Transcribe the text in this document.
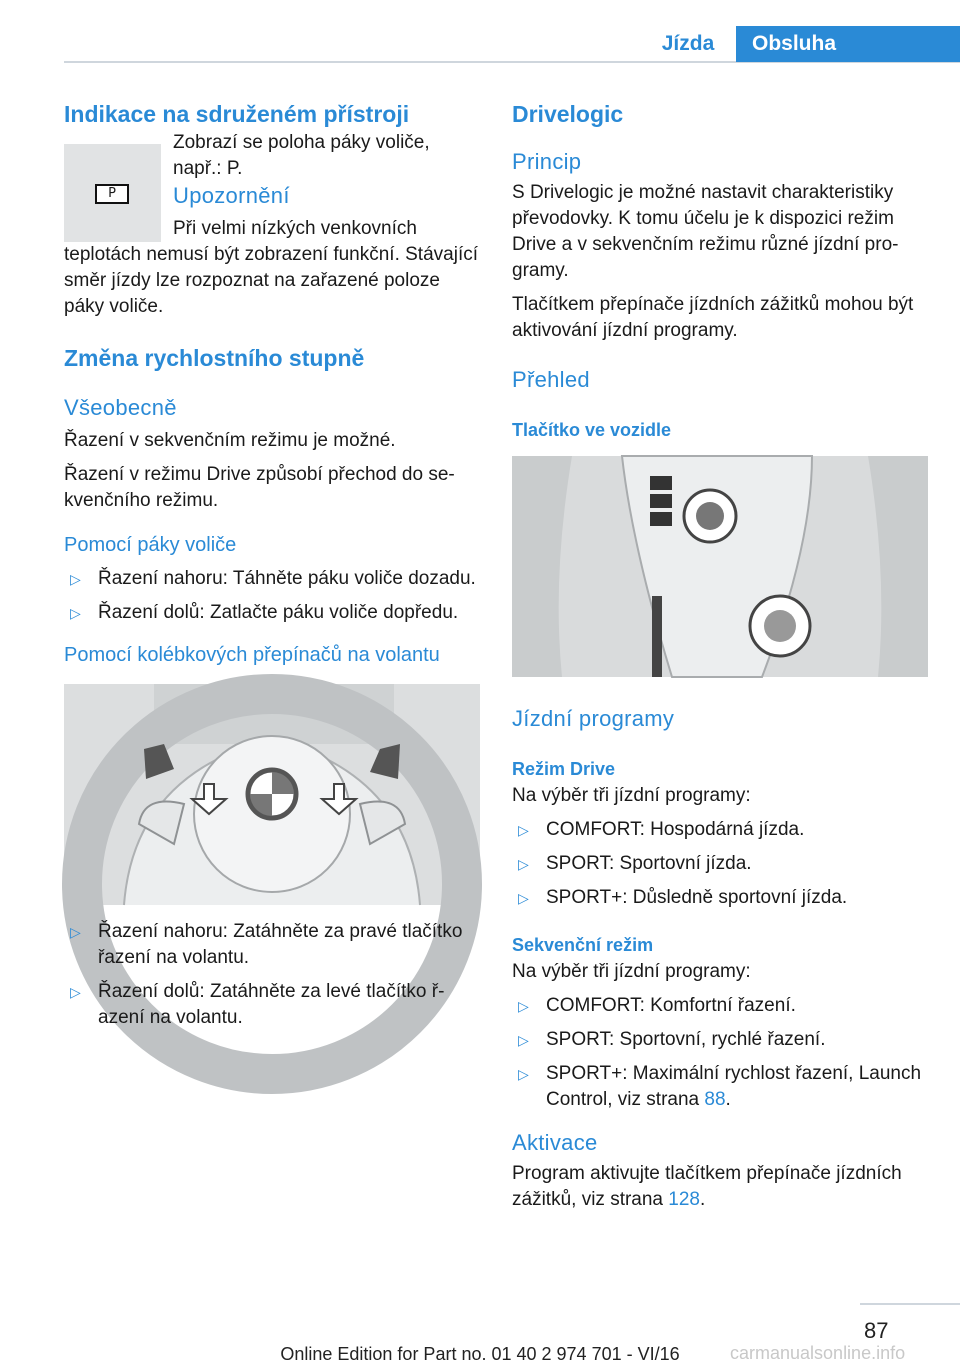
Jízda	Obsluha
Indikace na sdruženém přístroji
P

Zobrazí se poloha páky voliče, např.: P.

Upozornění

Při velmi nízkých venkovních teplotách nemusí být zobrazení funkční. Stávající směr jízdy lze rozpoznat na zařazené poloze páky voliče.

Změna rychlostního stupně
Všeobecně

Řazení v sekvenčním režimu je možné.

Řazení v režimu Drive způsobí přechod do sekvenčního režimu.

Pomocí páky voliče
▷ Řazení nahoru: Táhněte páku voliče dozadu.
▷ Řazení dolů: Zatlačte páku voliče dopředu.
Pomocí kolébkových přepínačů na volantu
▷ Řazení nahoru: Zatáhněte za pravé tlačítko řazení na volantu.
▷ Řazení dolů: Zatáhněte za levé tlačítko řazení na volantu.
Drivelogic
Princip

S Drivelogic je možné nastavit charakteristiky převodovky. K tomu účelu je k dispozici režim Drive a v sekvenčním režimu různé jízdní programy.

Tlačítkem přepínače jízdních zážitků mohou být aktivování jízdní programy.

Přehled
Tlačítko ve vozidle
Jízdní programy
Režim Drive

Na výběr tři jízdní programy:

▷ COMFORT: Hospodárná jízda.
▷ SPORT: Sportovní jízda.
▷ SPORT+: Důsledně sportovní jízda.
Sekvenční režim

Na výběr tři jízdní programy:

▷ COMFORT: Komfortní řazení.
▷ SPORT: Sportovní, rychlé řazení.
▷ SPORT+: Maximální rychlost řazení, Launch Control, viz strana 88.
Aktivace

Program aktivujte tlačítkem přepínače jízdních zážitků, viz strana 128.

87
Online Edition for Part no. 01 40 2 974 701 - VI/16	carmanualsonline.info
